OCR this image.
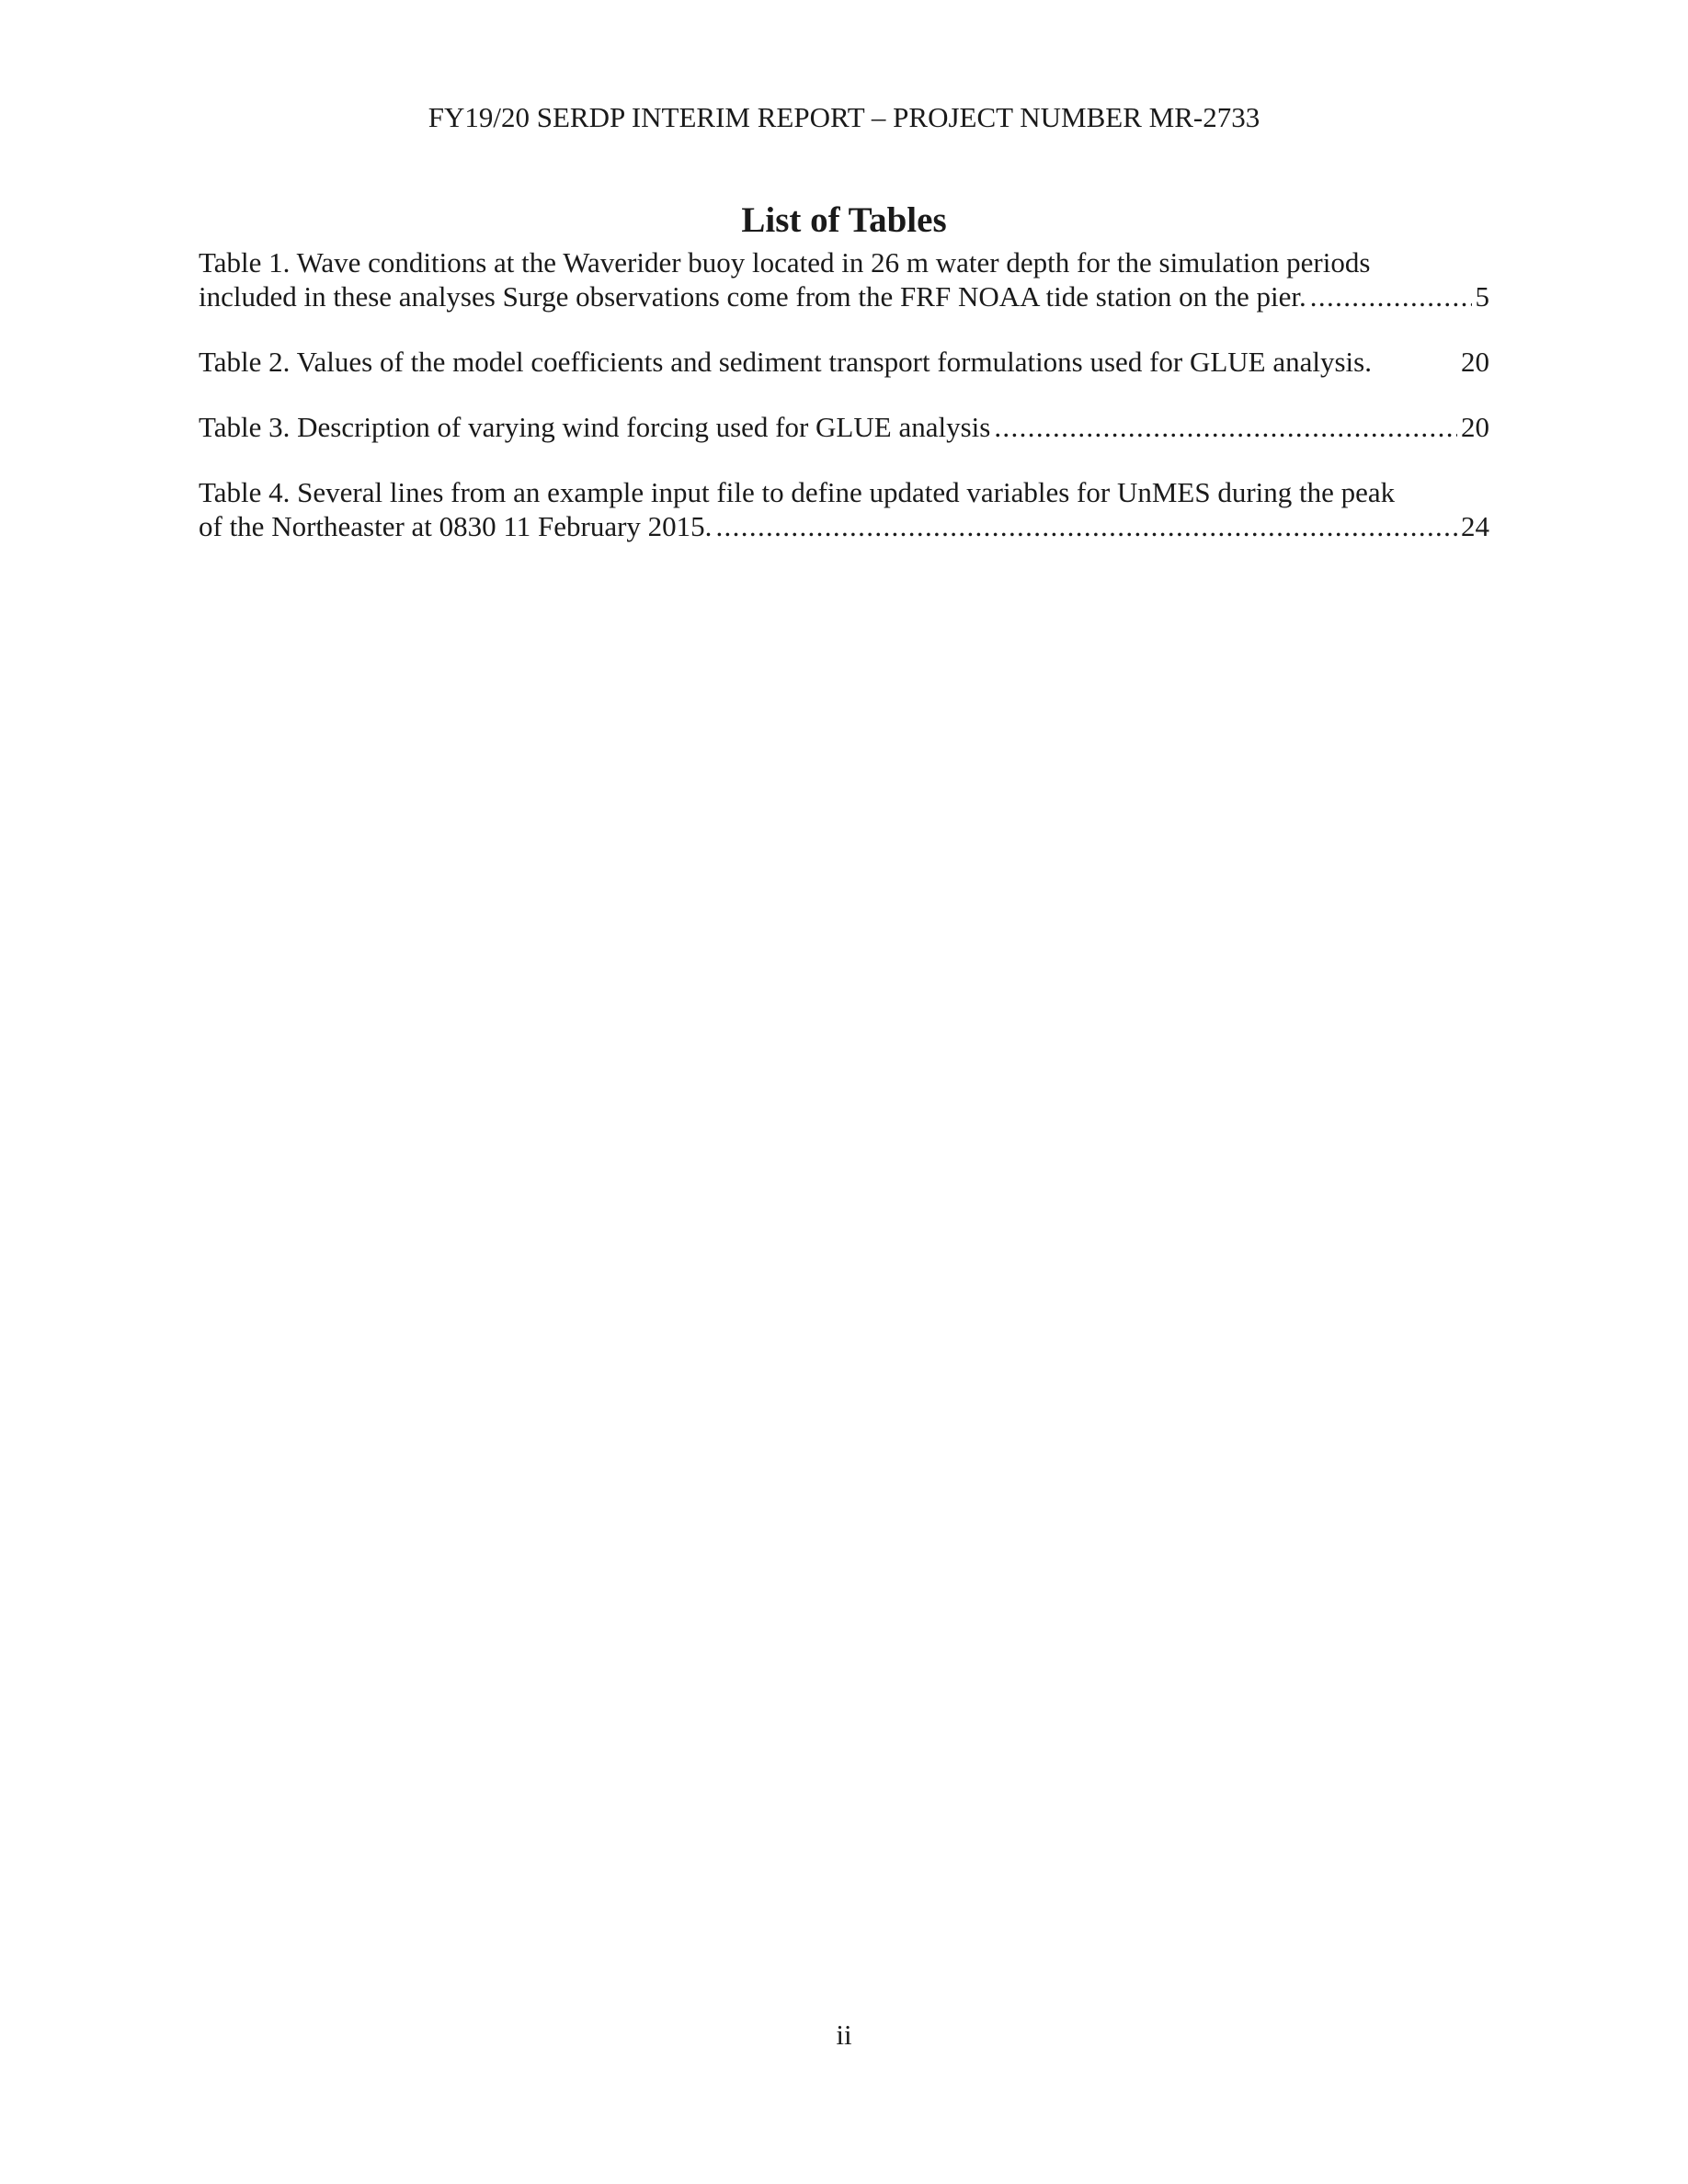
FY19/20 SERDP INTERIM REPORT – PROJECT NUMBER MR-2733
List of Tables
Table 1. Wave conditions at the Waverider buoy located in 26 m water depth for the simulation periods
included in these analyses Surge observations come from the FRF NOAA tide station on the pier. . . .	5
Table 2. Values of the model coefficients and sediment transport formulations used for GLUE analysis.	20
Table 3. Description of varying wind forcing used for GLUE analysis . . .	20
Table 4. Several lines from an example input file to define updated variables for UnMES during the peak
of the Northeaster at 0830 11 February 2015. . . .	24
ii
